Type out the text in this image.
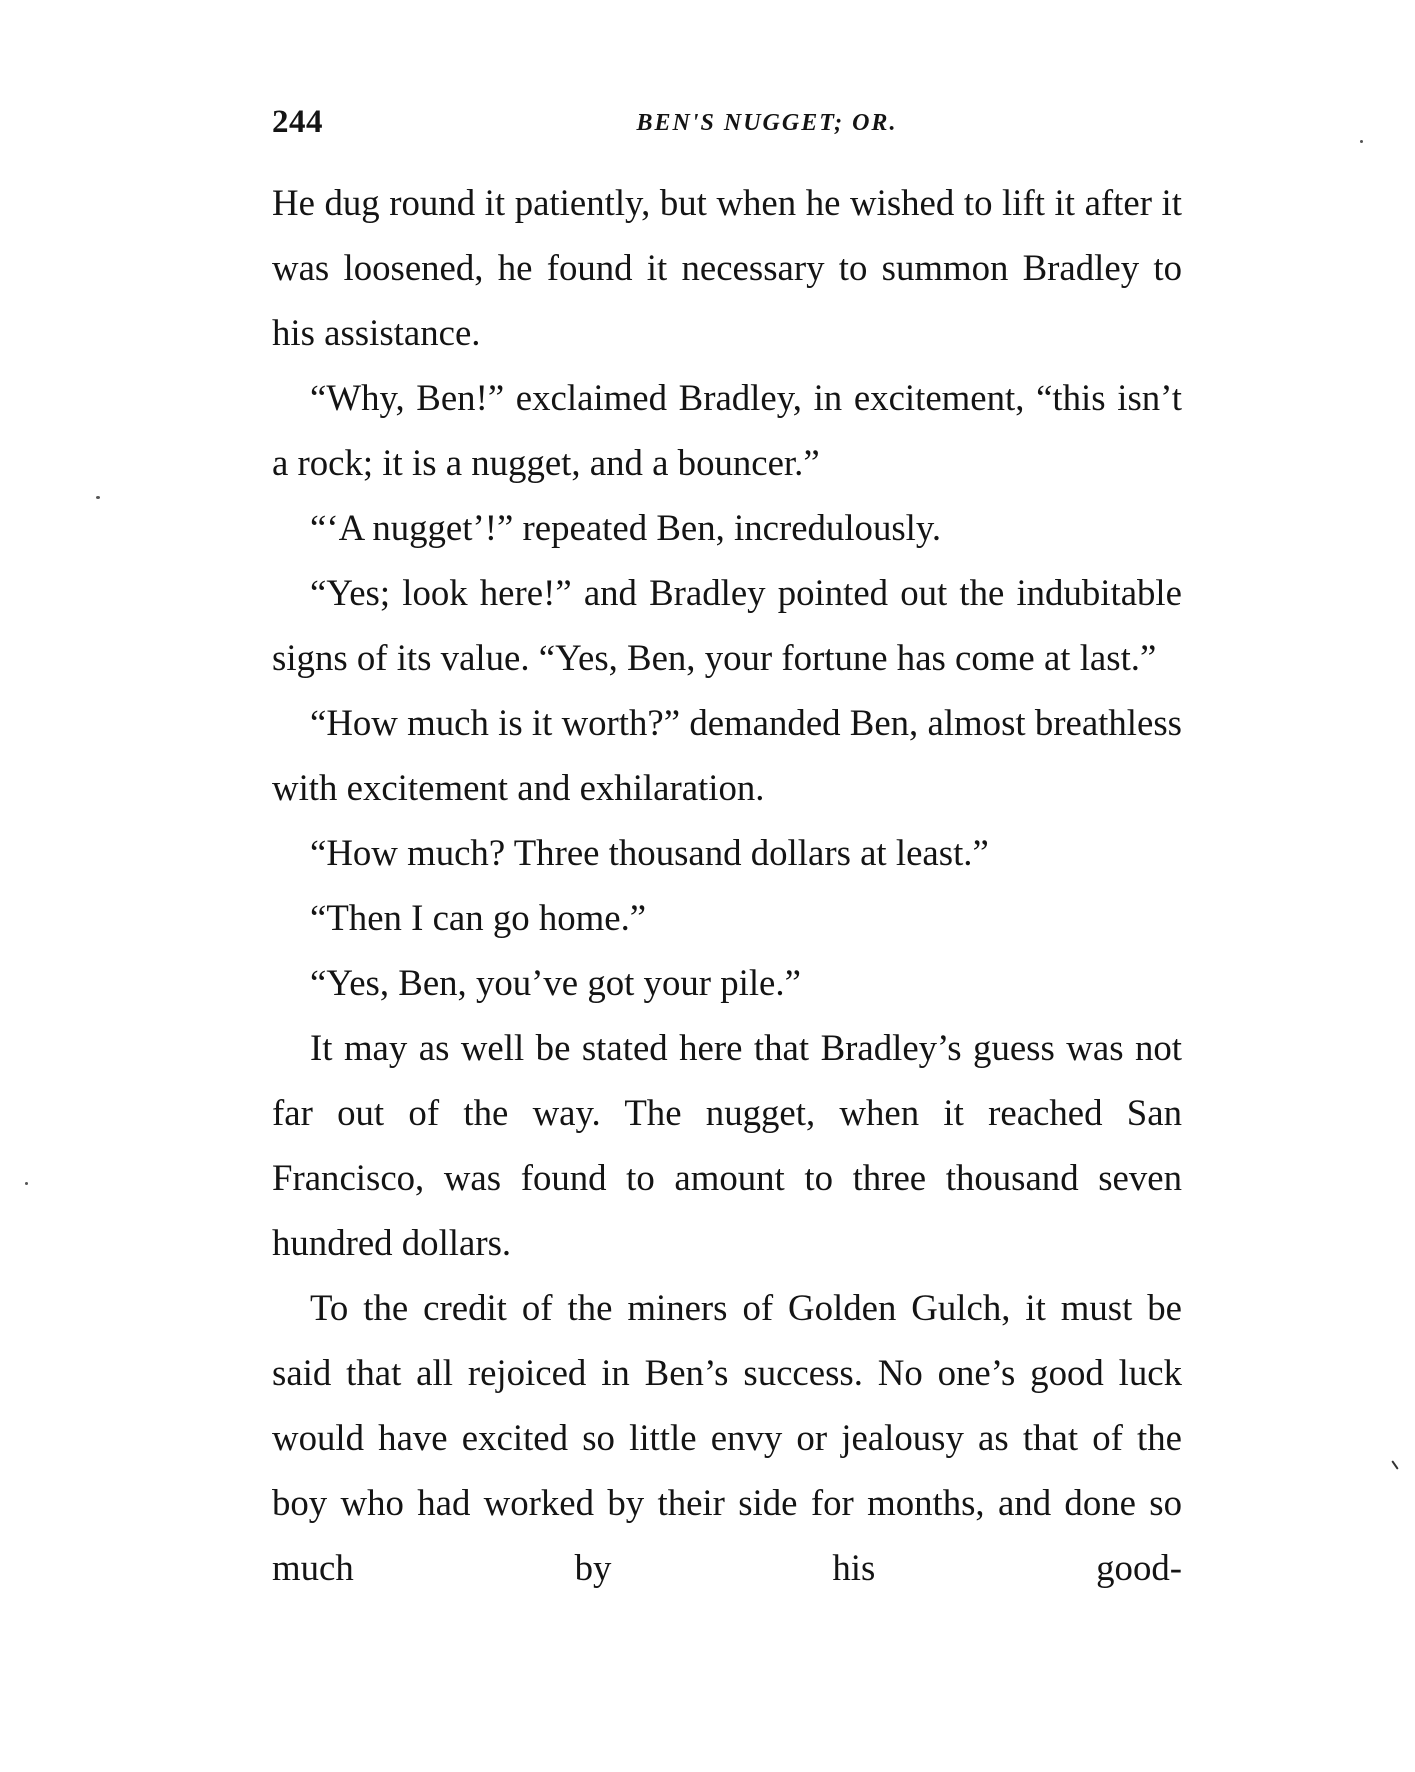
244	BEN'S NUGGET; OR.

He dug round it patiently, but when he wished to lift it after it was loosened, he found it necessary to summon Bradley to his assistance.

“Why, Ben!” exclaimed Bradley, in excitement, “this isn’t a rock; it is a nugget, and a bouncer.”

“‘A nugget’!” repeated Ben, incredulously.

“Yes; look here!” and Bradley pointed out the indubitable signs of its value. “Yes, Ben, your fortune has come at last.”

“How much is it worth?” demanded Ben, almost breathless with excitement and exhilaration.

“How much? Three thousand dollars at least.”

“Then I can go home.”

“Yes, Ben, you’ve got your pile.”

It may as well be stated here that Bradley’s guess was not far out of the way. The nugget, when it reached San Francisco, was found to amount to three thousand seven hundred dollars.

To the credit of the miners of Golden Gulch, it must be said that all rejoiced in Ben’s success. No one’s good luck would have excited so little envy or jealousy as that of the boy who had worked by their side for months, and done so much by his good-
